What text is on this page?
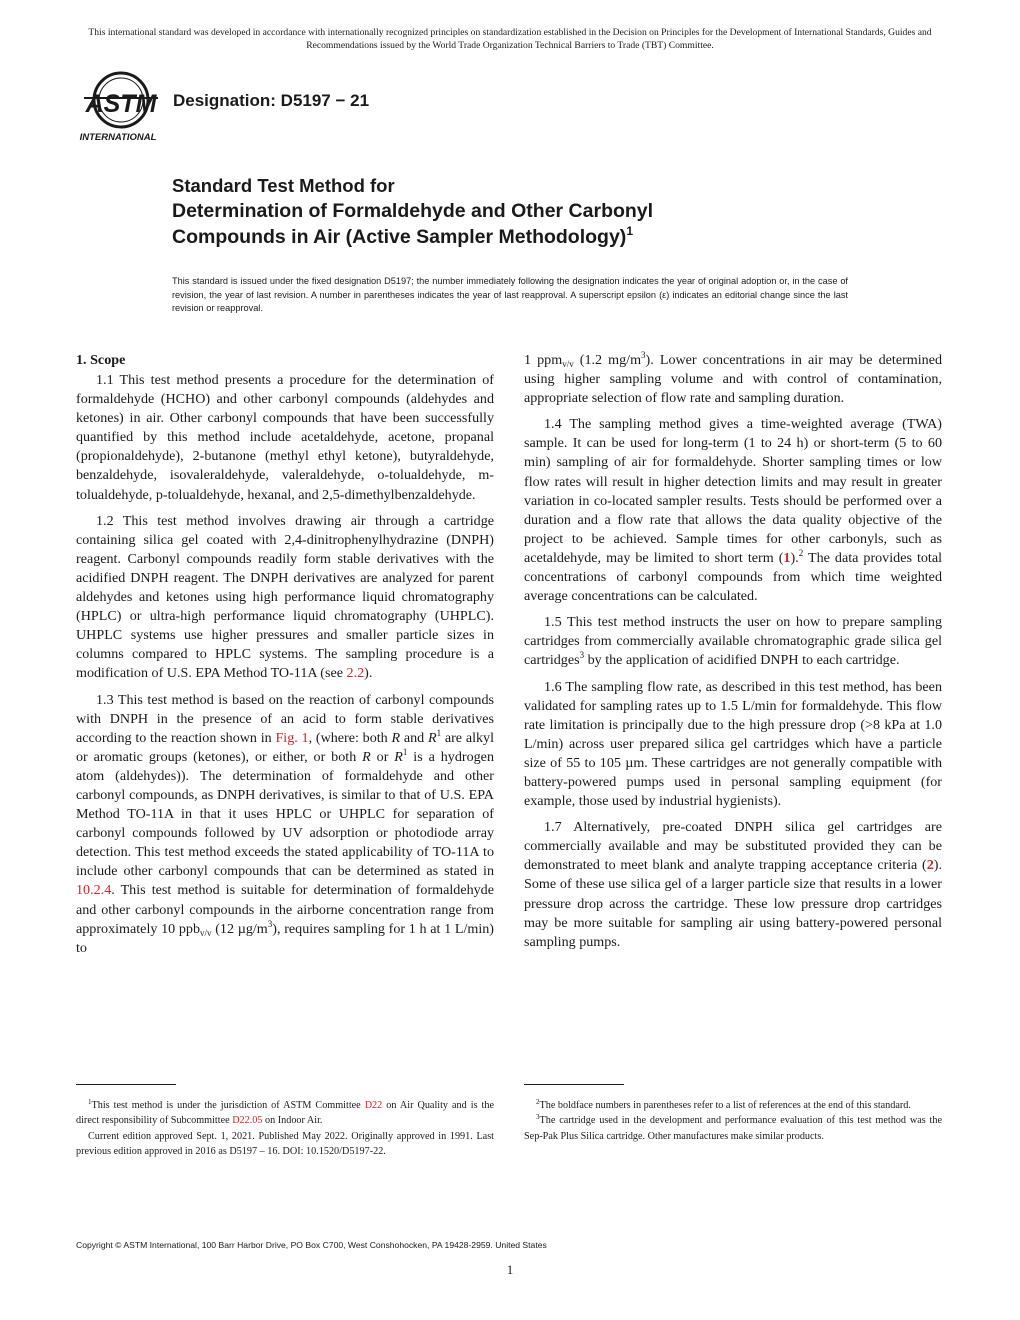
This international standard was developed in accordance with internationally recognized principles on standardization established in the Decision on Principles for the Development of International Standards, Guides and Recommendations issued by the World Trade Organization Technical Barriers to Trade (TBT) Committee.
ASTM
INTERNATIONAL
Designation: D5197 − 21
Standard Test Method for
Determination of Formaldehyde and Other Carbonyl
Compounds in Air (Active Sampler Methodology)$^1$
This standard is issued under the fixed designation D5197; the number immediately following the designation indicates the year of original adoption or, in the case of revision, the year of last revision. A number in parentheses indicates the year of last reapproval. A superscript epsilon (ε) indicates an editorial change since the last revision or reapproval.
1. Scope

1.1 This test method presents a procedure for the determination of formaldehyde (HCHO) and other carbonyl compounds (aldehydes and ketones) in air. Other carbonyl compounds that have been successfully quantified by this method include acetaldehyde, acetone, propanal (propionaldehyde), 2-butanone (methyl ethyl ketone), butyraldehyde, benzaldehyde, isovaleraldehyde, valeraldehyde, o-tolualdehyde, m-tolualdehyde, p-tolualdehyde, hexanal, and 2,5-dimethylbenzaldehyde.

1.2 This test method involves drawing air through a cartridge containing silica gel coated with 2,4-dinitrophenylhydrazine (DNPH) reagent. Carbonyl compounds readily form stable derivatives with the acidified DNPH reagent. The DNPH derivatives are analyzed for parent aldehydes and ketones using high performance liquid chromatography (HPLC) or ultra-high performance liquid chromatography (UHPLC). UHPLC systems use higher pressures and smaller particle sizes in columns compared to HPLC systems. The sampling procedure is a modification of U.S. EPA Method TO-11A (see 2.2).

1.3 This test method is based on the reaction of carbonyl compounds with DNPH in the presence of an acid to form stable derivatives according to the reaction shown in Fig. 1, (where: both R and $R^1$ are alkyl or aromatic groups (ketones), or either, or both R or $R^1$ is a hydrogen atom (aldehydes)). The determination of formaldehyde and other carbonyl compounds, as DNPH derivatives, is similar to that of U.S. EPA Method TO-11A in that it uses HPLC or UHPLC for separation of carbonyl compounds followed by UV adsorption or photodiode array detection. This test method exceeds the stated applicability of TO-11A to include other carbonyl compounds that can be determined as stated in 10.2.4. This test method is suitable for determination of formaldehyde and other carbonyl compounds in the airborne concentration range from approximately 10 ppb$_{v/v}$ (12 $\mu g/m^3$), requires sampling for 1 h at 1 L/min) to

1 ppm$_{v/v}$ (1.2 $mg/m^3$). Lower concentrations in air may be determined using higher sampling volume and with control of contamination, appropriate selection of flow rate and sampling duration.

1.4 The sampling method gives a time-weighted average (TWA) sample. It can be used for long-term (1 to 24 h) or short-term (5 to 60 min) sampling of air for formaldehyde. Shorter sampling times or low flow rates will result in higher detection limits and may result in greater variation in co-located sampler results. Tests should be performed over a duration and a flow rate that allows the data quality objective of the project to be achieved. Sample times for other carbonyls, such as acetaldehyde, may be limited to short term (1).$^2$ The data provides total concentrations of carbonyl compounds from which time weighted average concentrations can be calculated.

1.5 This test method instructs the user on how to prepare sampling cartridges from commercially available chromatographic grade silica gel cartridges$^3$ by the application of acidified DNPH to each cartridge.

1.6 The sampling flow rate, as described in this test method, has been validated for sampling rates up to 1.5 L/min for formaldehyde. This flow rate limitation is principally due to the high pressure drop (>8 kPa at 1.0 L/min) across user prepared silica gel cartridges which have a particle size of 55 to 105 µm. These cartridges are not generally compatible with battery-powered pumps used in personal sampling equipment (for example, those used by industrial hygienists).

1.7 Alternatively, pre-coated DNPH silica gel cartridges are commercially available and may be substituted provided they can be demonstrated to meet blank and analyte trapping acceptance criteria (2). Some of these use silica gel of a larger particle size that results in a lower pressure drop across the cartridge. These low pressure drop cartridges may be more suitable for sampling air using battery-powered personal sampling pumps.

$^1$This test method is under the jurisdiction of ASTM Committee D22 on Air Quality and is the direct responsibility of Subcommittee D22.05 on Indoor Air.

Current edition approved Sept. 1, 2021. Published May 2022. Originally approved in 1991. Last previous edition approved in 2016 as D5197 – 16. DOI: 10.1520/D5197-22.

$^2$The boldface numbers in parentheses refer to a list of references at the end of this standard.

$^3$The cartridge used in the development and performance evaluation of this test method was the Sep-Pak Plus Silica cartridge. Other manufactures make similar products.

Copyright © ASTM International, 100 Barr Harbor Drive, PO Box C700, West Conshohocken, PA 19428-2959. United States
1
